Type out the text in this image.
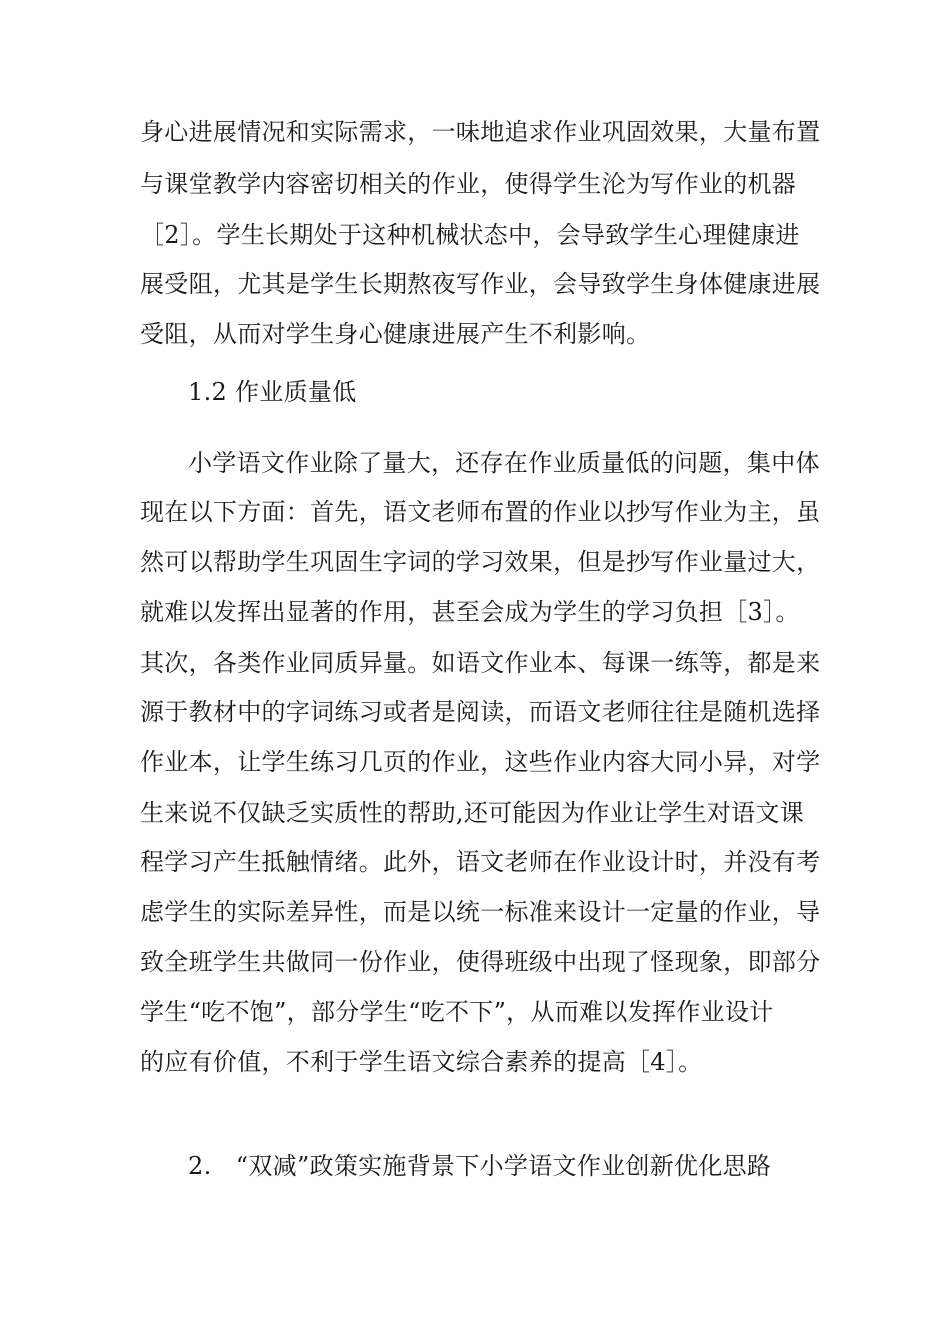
身心进展情况和实际需求，一味地追求作业巩固效果，大量布置
与课堂教学内容密切相关的作业，使得学生沦为写作业的机器
［2］。学生长期处于这种机械状态中，会导致学生心理健康进
展受阻，尤其是学生长期熬夜写作业，会导致学生身体健康进展
受阻，从而对学生身心健康进展产生不利影响。
1.2 作业质量低
小学语文作业除了量大，还存在作业质量低的问题，集中体
现在以下方面：首先，语文老师布置的作业以抄写作业为主，虽
然可以帮助学生巩固生字词的学习效果，但是抄写作业量过大，
就难以发挥出显著的作用，甚至会成为学生的学习负担［3］。
其次，各类作业同质异量。如语文作业本、每课一练等，都是来
源于教材中的字词练习或者是阅读，而语文老师往往是随机选择
作业本，让学生练习几页的作业，这些作业内容大同小异，对学
生来说不仅缺乏实质性的帮助,还可能因为作业让学生对语文课
程学习产生抵触情绪。此外，语文老师在作业设计时，并没有考
虑学生的实际差异性，而是以统一标准来设计一定量的作业，导
致全班学生共做同一份作业，使得班级中出现了怪现象，即部分
学生“吃不饱”，部分学生“吃不下”，从而难以发挥作业设计
的应有价值，不利于学生语文综合素养的提高［4］。
2.　“双减”政策实施背景下小学语文作业创新优化思路
